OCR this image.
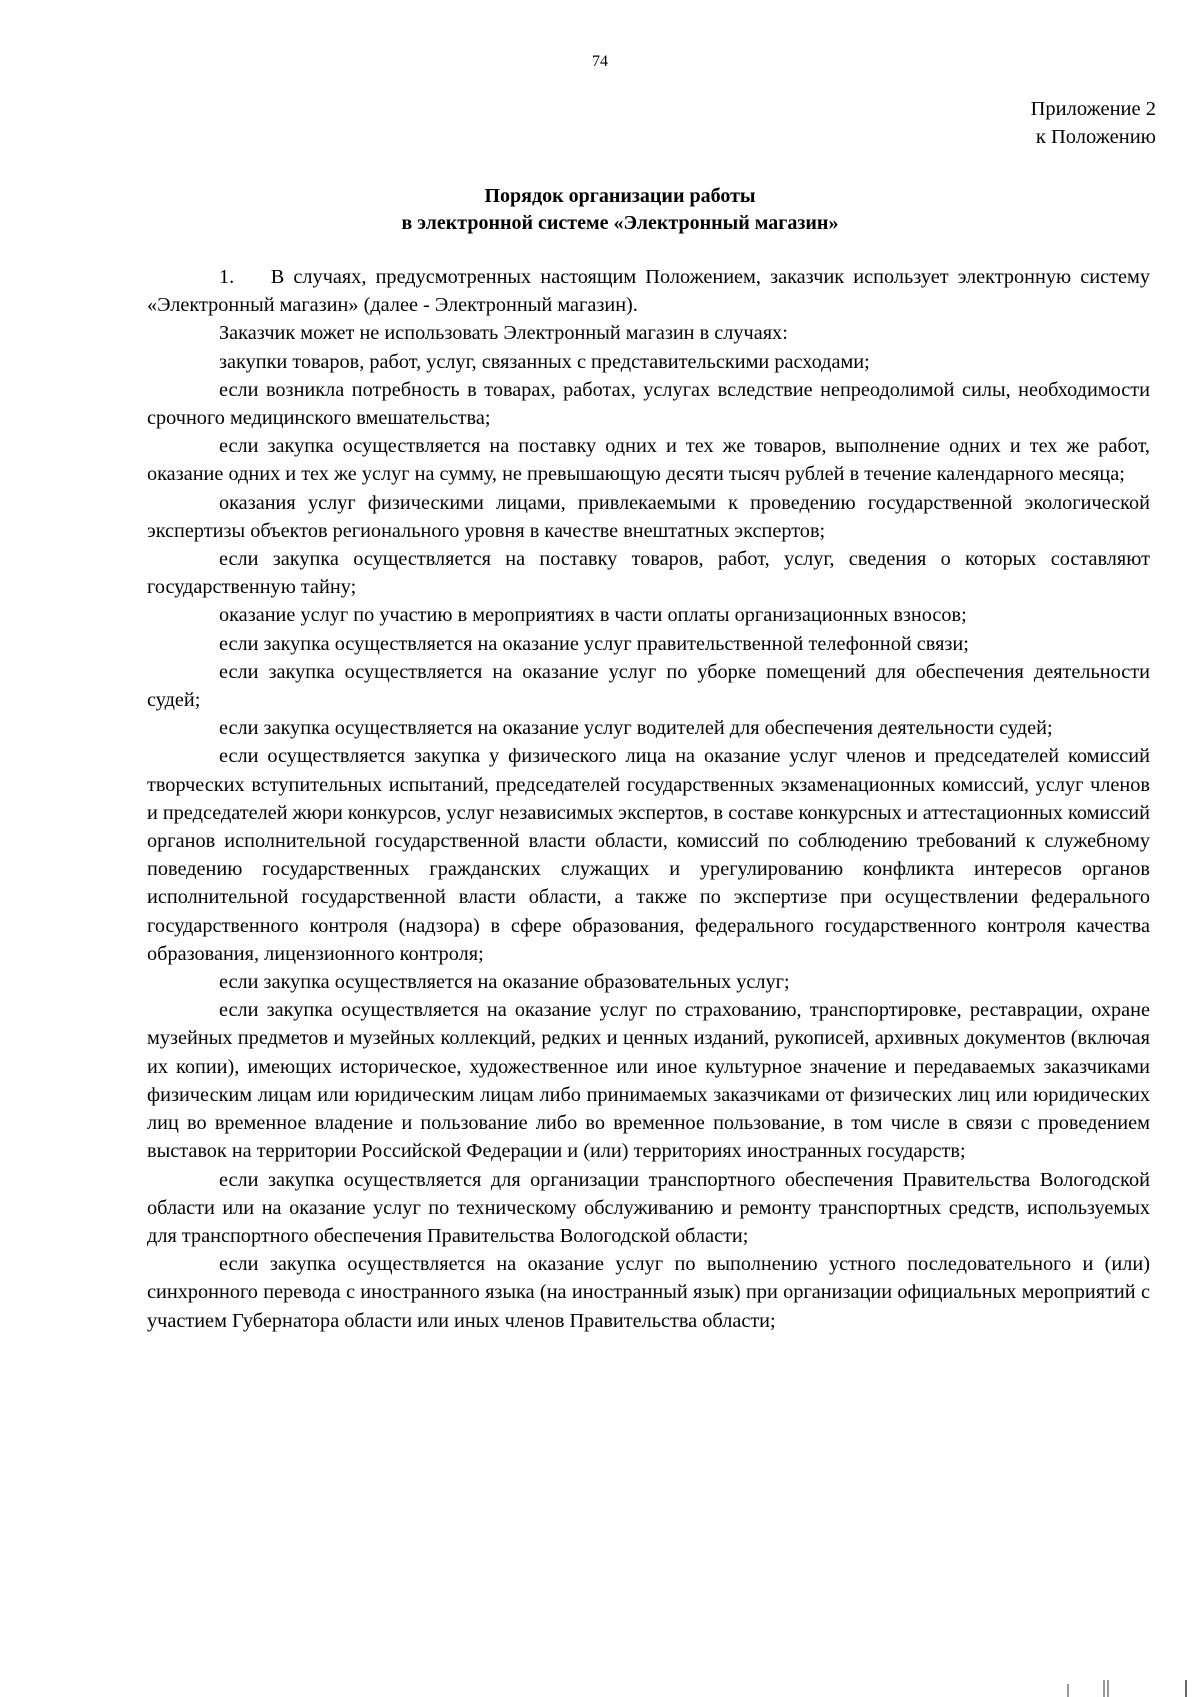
74
Приложение 2
к Положению
Порядок организации работы
в электронной системе «Электронный магазин»

1.    В случаях, предусмотренных настоящим Положением, заказчик использует электронную систему «Электронный магазин» (далее - Электронный магазин).

Заказчик может не использовать Электронный магазин в случаях:

закупки товаров, работ, услуг, связанных с представительскими расходами;

если возникла потребность в товарах, работах, услугах вследствие непреодолимой силы, необходимости срочного медицинского вмешательства;

если закупка осуществляется на поставку одних и тех же товаров, выполнение одних и тех же работ, оказание одних и тех же услуг на сумму, не превышающую десяти тысяч рублей в течение календарного месяца;

оказания услуг физическими лицами, привлекаемыми к проведению государственной экологической экспертизы объектов регионального уровня в качестве внештатных экспертов;

если закупка осуществляется на поставку товаров, работ, услуг, сведения о которых составляют государственную тайну;

оказание услуг по участию в мероприятиях в части оплаты организационных взносов;

если закупка осуществляется на оказание услуг правительственной телефонной связи;

если закупка осуществляется на оказание услуг по уборке помещений для обеспечения деятельности судей;

если закупка осуществляется на оказание услуг водителей для обеспечения деятельности судей;

если осуществляется закупка у физического лица на оказание услуг членов и председателей комиссий творческих вступительных испытаний, председателей государственных экзаменационных комиссий, услуг членов и председателей жюри конкурсов, услуг независимых экспертов, в составе конкурсных и аттестационных комиссий органов исполнительной государственной власти области, комиссий по соблюдению требований к служебному поведению государственных гражданских служащих и урегулированию конфликта интересов органов исполнительной государственной власти области, а также по экспертизе при осуществлении федерального государственного контроля (надзора) в сфере образования, федерального государственного контроля качества образования, лицензионного контроля;

если закупка осуществляется на оказание образовательных услуг;

если закупка осуществляется на оказание услуг по страхованию, транспортировке, реставрации, охране музейных предметов и музейных коллекций, редких и ценных изданий, рукописей, архивных документов (включая их копии), имеющих историческое, художественное или иное культурное значение и передаваемых заказчиками физическим лицам или юридическим лицам либо принимаемых заказчиками от физических лиц или юридических лиц во временное владение и пользование либо во временное пользование, в том числе в связи с проведением выставок на территории Российской Федерации и (или) территориях иностранных государств;

если закупка осуществляется для организации транспортного обеспечения Правительства Вологодской области или на оказание услуг по техническому обслуживанию и ремонту транспортных средств, используемых для транспортного обеспечения Правительства Вологодской области;

если закупка осуществляется на оказание услуг по выполнению устного последовательного и (или) синхронного перевода с иностранного языка (на иностранный язык) при организации официальных мероприятий с участием Губернатора области или иных членов Правительства области;
